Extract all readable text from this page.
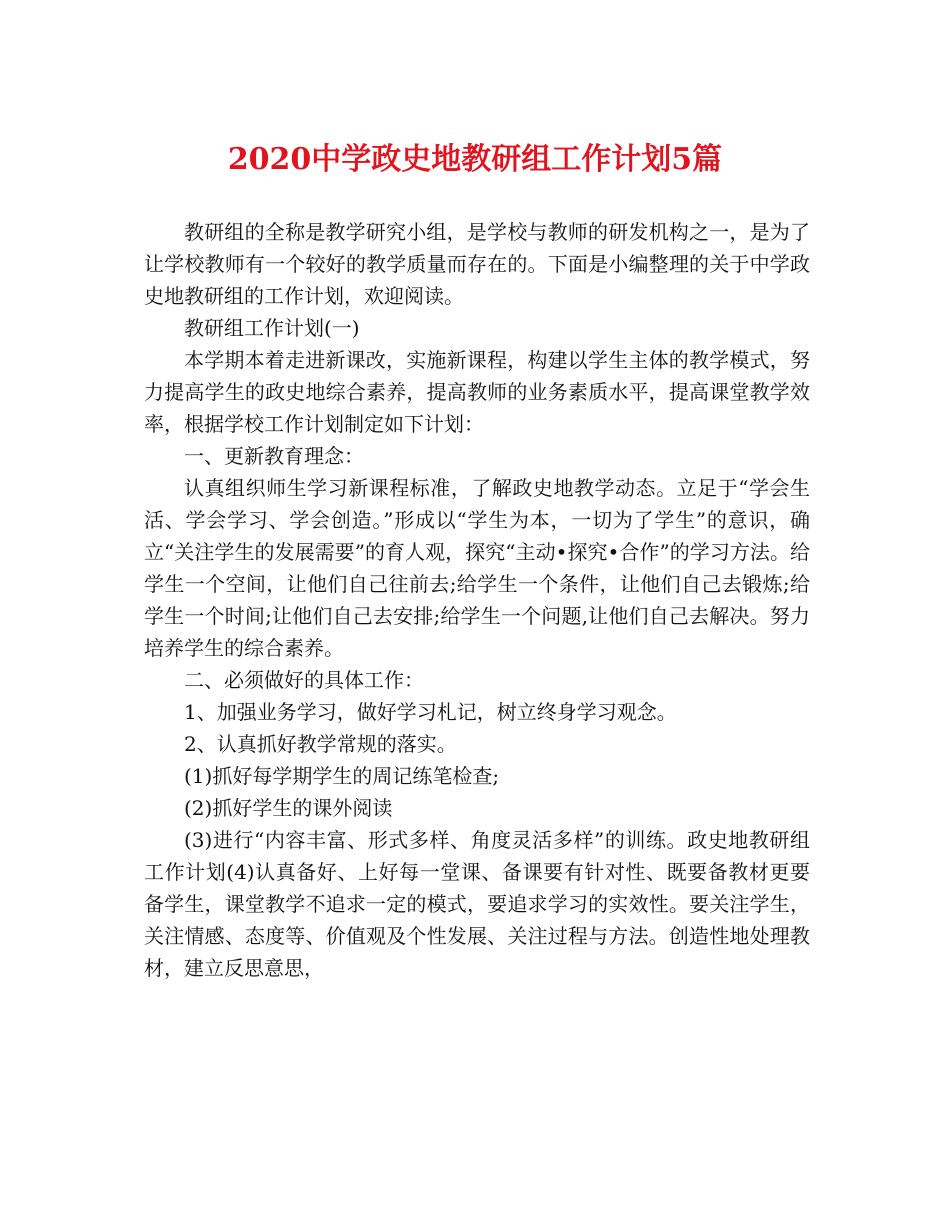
2020中学政史地教研组工作计划5篇

教研组的全称是教学研究小组，是学校与教师的研发机构之一，是为了让学校教师有一个较好的教学质量而存在的。下面是小编整理的关于中学政史地教研组的工作计划，欢迎阅读。

教研组工作计划(一)

本学期本着走进新课改，实施新课程，构建以学生主体的教学模式，努力提高学生的政史地综合素养，提高教师的业务素质水平，提高课堂教学效率，根据学校工作计划制定如下计划：

一、更新教育理念：

认真组织师生学习新课程标准，了解政史地教学动态。立足于“学会生活、学会学习、学会创造。”形成以“学生为本，一切为了学生”的意识，确立“关注学生的发展需要”的育人观，探究“主动•探究•合作”的学习方法。给学生一个空间，让他们自己往前去;给学生一个条件，让他们自己去锻炼;给学生一个时间;让他们自己去安排;给学生一个问题,让他们自己去解决。努力培养学生的综合素养。

二、必须做好的具体工作：

1、加强业务学习，做好学习札记，树立终身学习观念。

2、认真抓好教学常规的落实。

(1)抓好每学期学生的周记练笔检查;

(2)抓好学生的课外阅读

(3)进行“内容丰富、形式多样、角度灵活多样”的训练。政史地教研组工作计划(4)认真备好、上好每一堂课、备课要有针对性、既要备教材更要备学生，课堂教学不追求一定的模式，要追求学习的实效性。要关注学生，关注情感、态度等、价值观及个性发展、关注过程与方法。创造性地处理教材，建立反思意思，
